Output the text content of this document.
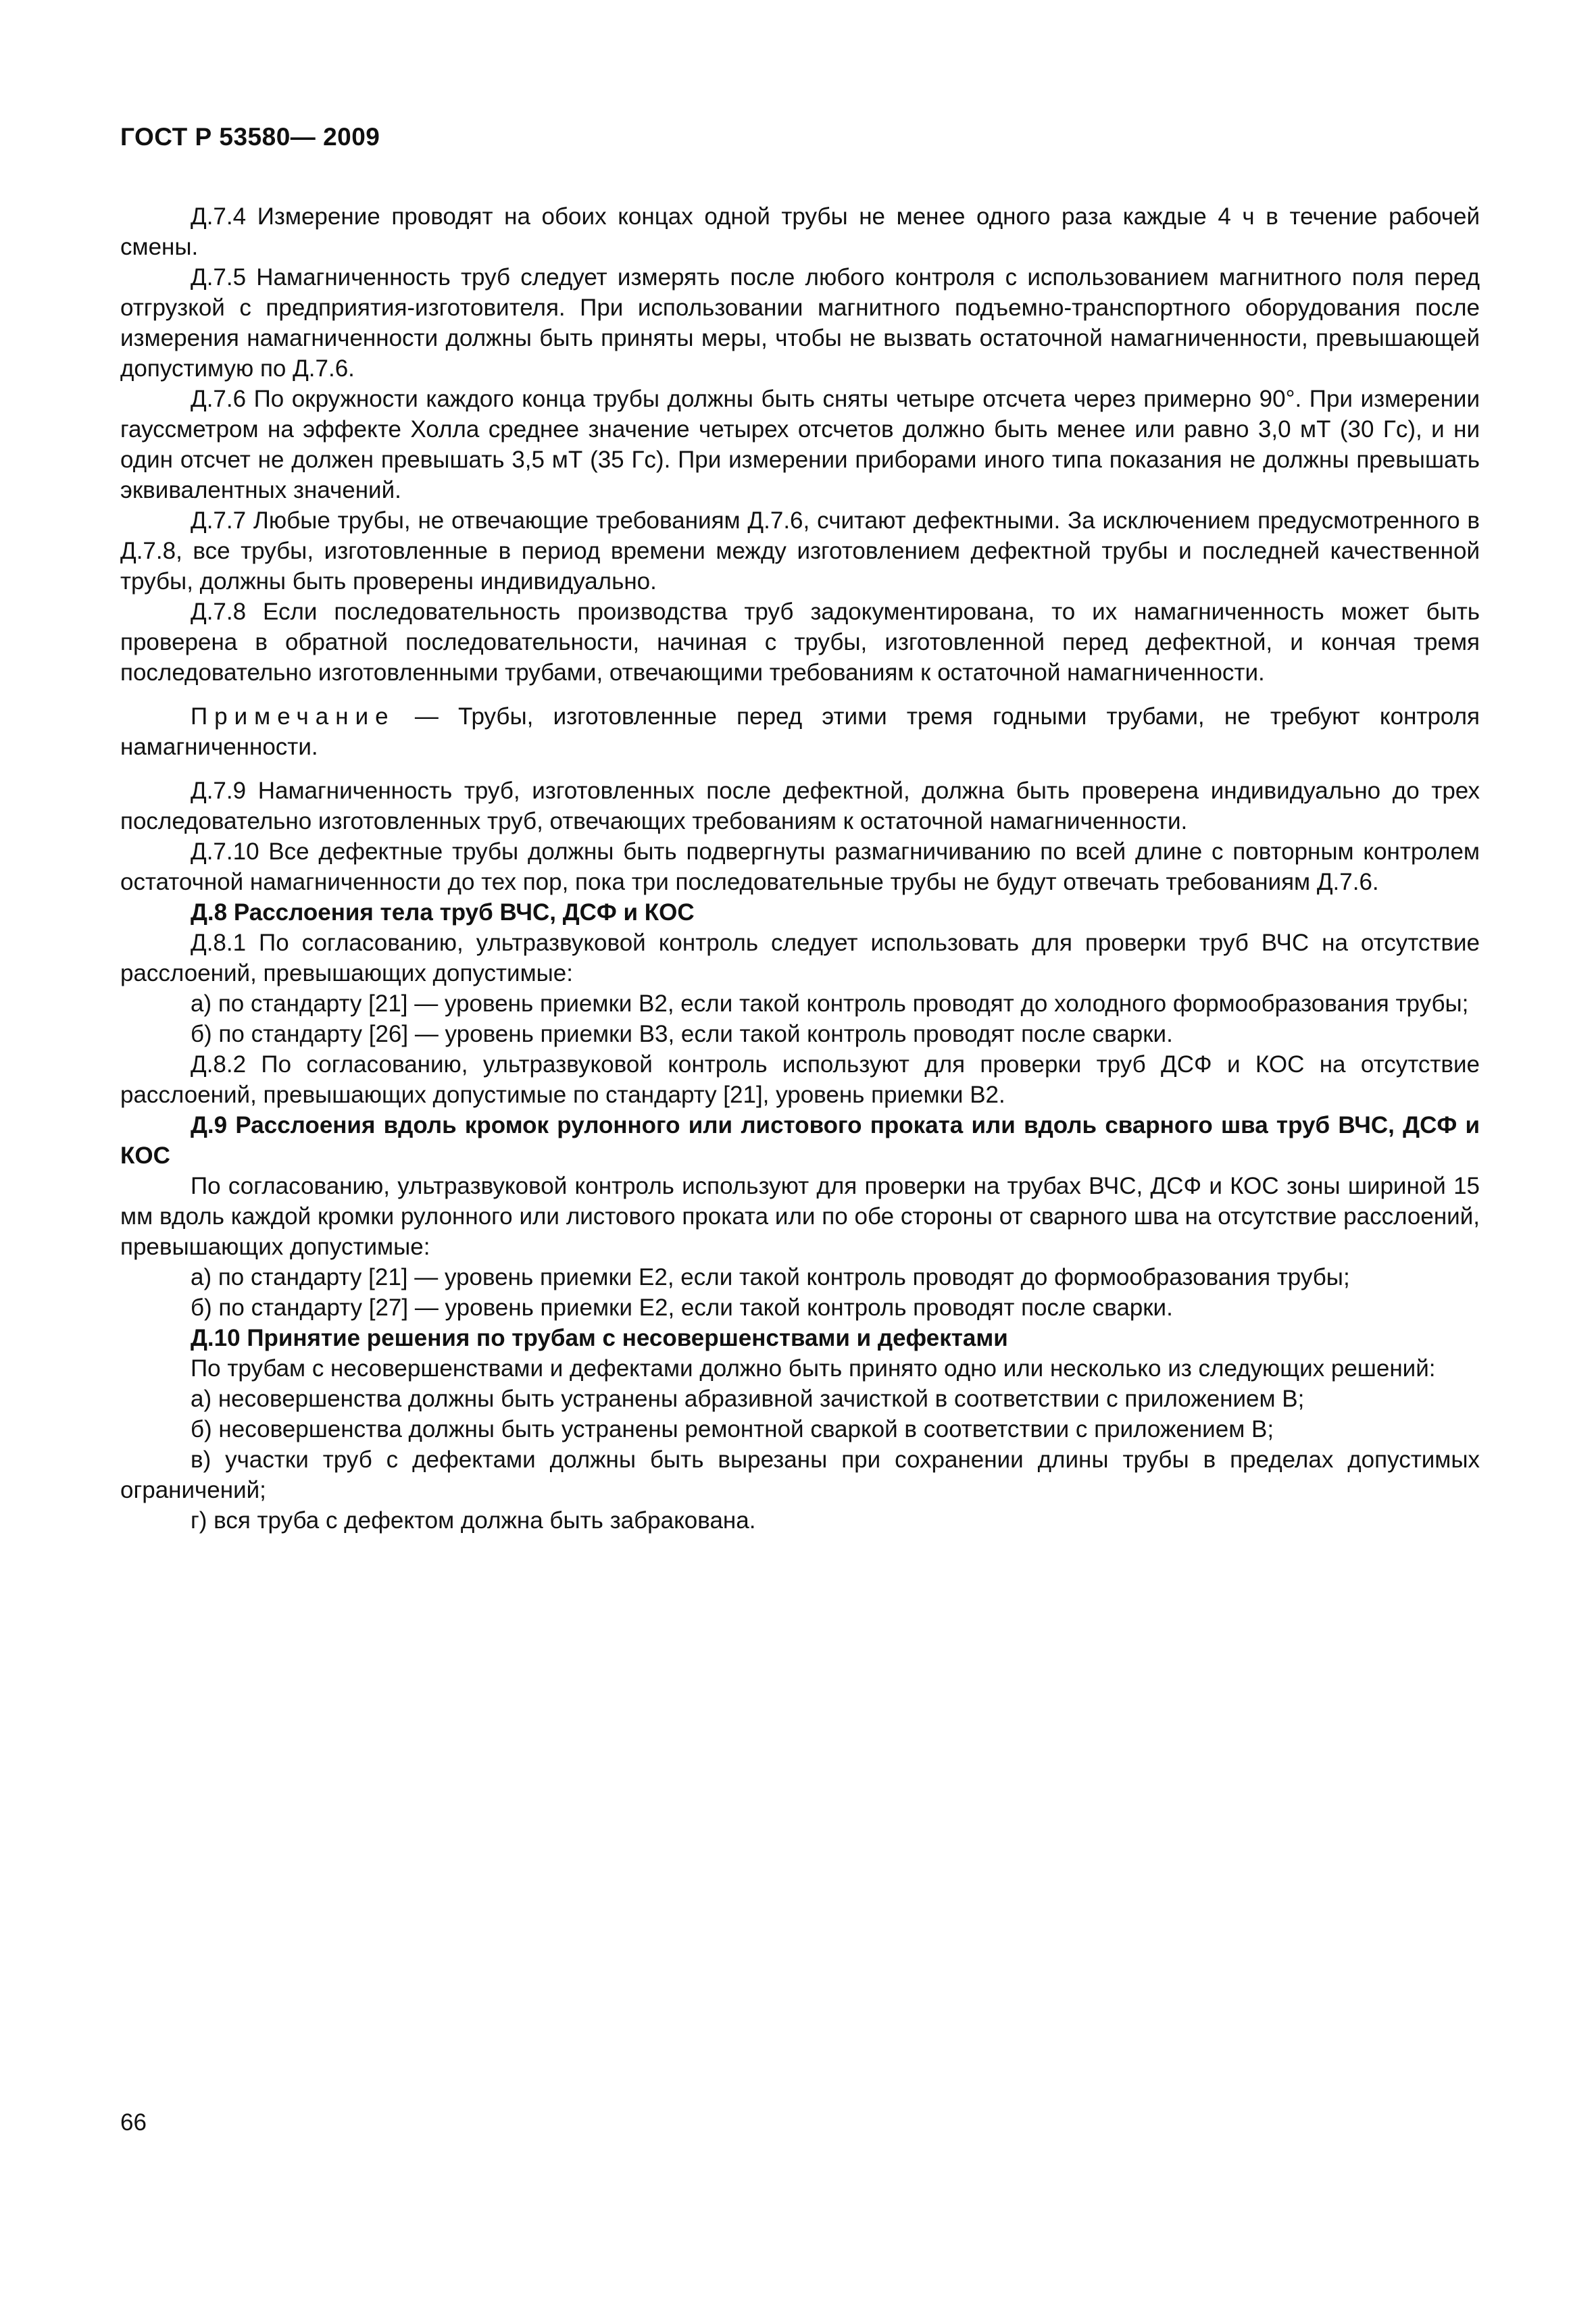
ГОСТ Р 53580— 2009

Д.7.4 Измерение проводят на обоих концах одной трубы не менее одного раза каждые 4 ч в течение рабочей смены.

Д.7.5 Намагниченность труб следует измерять после любого контроля с использованием магнитного поля перед отгрузкой с предприятия-изготовителя. При использовании магнитного подъемно-транспортного оборудования после измерения намагниченности должны быть приняты меры, чтобы не вызвать остаточной намагниченности, превышающей допустимую по Д.7.6.

Д.7.6 По окружности каждого конца трубы должны быть сняты четыре отсчета через примерно 90°. При измерении гауссметром на эффекте Холла среднее значение четырех отсчетов должно быть менее или равно 3,0 мТ (30 Гс), и ни один отсчет не должен превышать 3,5 мТ (35 Гс). При измерении приборами иного типа показания не должны превышать эквивалентных значений.

Д.7.7 Любые трубы, не отвечающие требованиям Д.7.6, считают дефектными. За исключением предусмотренного в Д.7.8, все трубы, изготовленные в период времени между изготовлением дефектной трубы и последней качественной трубы, должны быть проверены индивидуально.

Д.7.8 Если последовательность производства труб задокументирована, то их намагниченность может быть проверена в обратной последовательности, начиная с трубы, изготовленной перед дефектной, и кончая тремя последовательно изготовленными трубами, отвечающими требованиям к остаточной намагниченности.

Примечание — Трубы, изготовленные перед этими тремя годными трубами, не требуют контроля намагниченности.

Д.7.9 Намагниченность труб, изготовленных после дефектной, должна быть проверена индивидуально до трех последовательно изготовленных труб, отвечающих требованиям к остаточной намагниченности.

Д.7.10 Все дефектные трубы должны быть подвергнуты размагничиванию по всей длине с повторным контролем остаточной намагниченности до тех пор, пока три последовательные трубы не будут отвечать требованиям Д.7.6.

Д.8 Расслоения тела труб ВЧС, ДСФ и КОС

Д.8.1 По согласованию, ультразвуковой контроль следует использовать для проверки труб ВЧС на отсутствие расслоений, превышающих допустимые:

а) по стандарту [21] — уровень приемки В2, если такой контроль проводят до холодного формообразования трубы;

б) по стандарту [26] — уровень приемки В3, если такой контроль проводят после сварки.

Д.8.2 По согласованию, ультразвуковой контроль используют для проверки труб ДСФ и КОС на отсутствие расслоений, превышающих допустимые по стандарту [21], уровень приемки В2.

Д.9 Расслоения вдоль кромок рулонного или листового проката или вдоль сварного шва труб ВЧС, ДСФ и КОС

По согласованию, ультразвуковой контроль используют для проверки на трубах ВЧС, ДСФ и КОС зоны шириной 15 мм вдоль каждой кромки рулонного или листового проката или по обе стороны от сварного шва на отсутствие расслоений, превышающих допустимые:

а) по стандарту [21] — уровень приемки Е2, если такой контроль проводят до формообразования трубы;

б) по стандарту [27] — уровень приемки Е2, если такой контроль проводят после сварки.

Д.10 Принятие решения по трубам с несовершенствами и дефектами

По трубам с несовершенствами и дефектами должно быть принято одно или несколько из следующих решений:

а) несовершенства должны быть устранены абразивной зачисткой в соответствии с приложением В;

б) несовершенства должны быть устранены ремонтной сваркой в соответствии с приложением В;

в) участки труб с дефектами должны быть вырезаны при сохранении длины трубы в пределах допустимых ограничений;

г) вся труба с дефектом должна быть забракована.

66
